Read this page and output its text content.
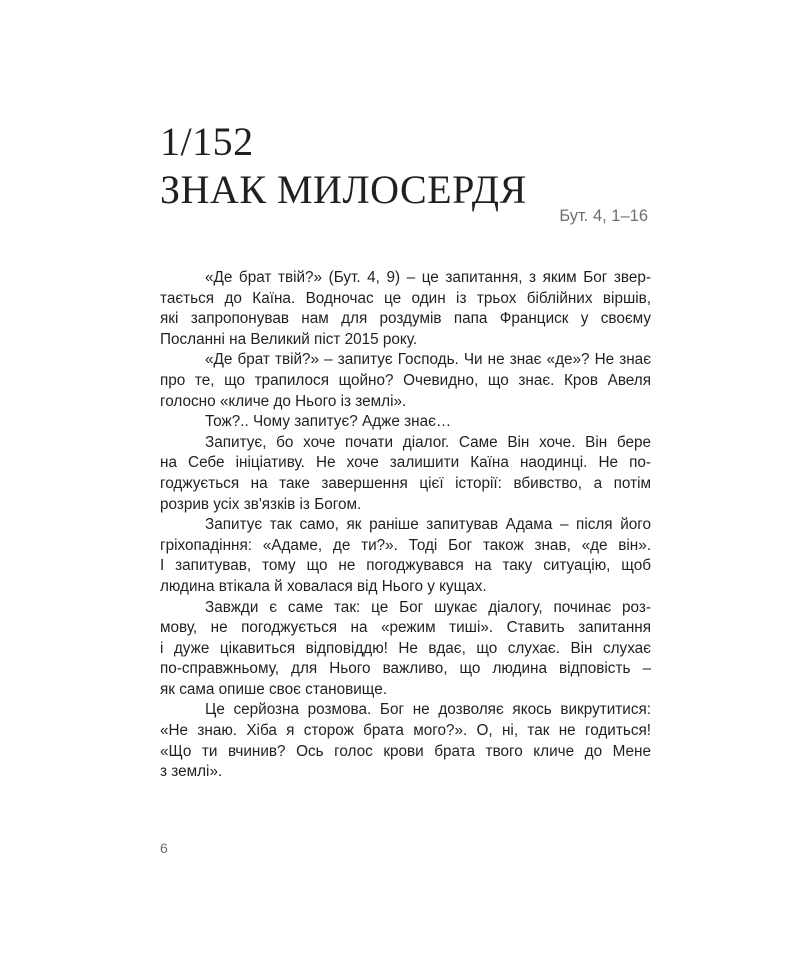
1/152
ЗНАК МИЛОСЕРДЯ
Бут. 4, 1–16
«Де брат твій?» (Бут. 4, 9) – це запитання, з яким Бог звер-
тається до Каїна. Водночас це один із трьох біблійних віршів,
які запропонував нам для роздумів папа Франциск у своєму
Посланні на Великий піст 2015 року.
«Де брат твій?» – запитує Господь. Чи не знає «де»? Не знає
про те, що трапилося щойно? Очевидно, що знає. Кров Авеля
голосно «кличе до Нього із землі».
Тож?.. Чому запитує? Адже знає…
Запитує, бо хоче почати діалог. Саме Він хоче. Він бере
на Себе ініціативу. Не хоче залишити Каїна наодинці. Не по-
годжується на таке завершення цієї історії: вбивство, а потім
розрив усіх зв'язків із Богом.
Запитує так само, як раніше запитував Адама – після його
гріхопадіння: «Адаме, де ти?». Тоді Бог також знав, «де він».
І запитував, тому що не погоджувався на таку ситуацію, щоб
людина втікала й ховалася від Нього у кущах.
Завжди є саме так: це Бог шукає діалогу, починає роз-
мову, не погоджується на «режим тиші». Ставить запитання
і дуже цікавиться відповіддю! Не вдає, що слухає. Він слухає
по-справжньому, для Нього важливо, що людина відповість –
як сама опише своє становище.
Це серйозна розмова. Бог не дозволяє якось викрутитися:
«Не знаю. Хіба я сторож брата мого?». О, ні, так не годиться!
«Що ти вчинив? Ось голос крови брата твого кличе до Мене
з землі».
6
